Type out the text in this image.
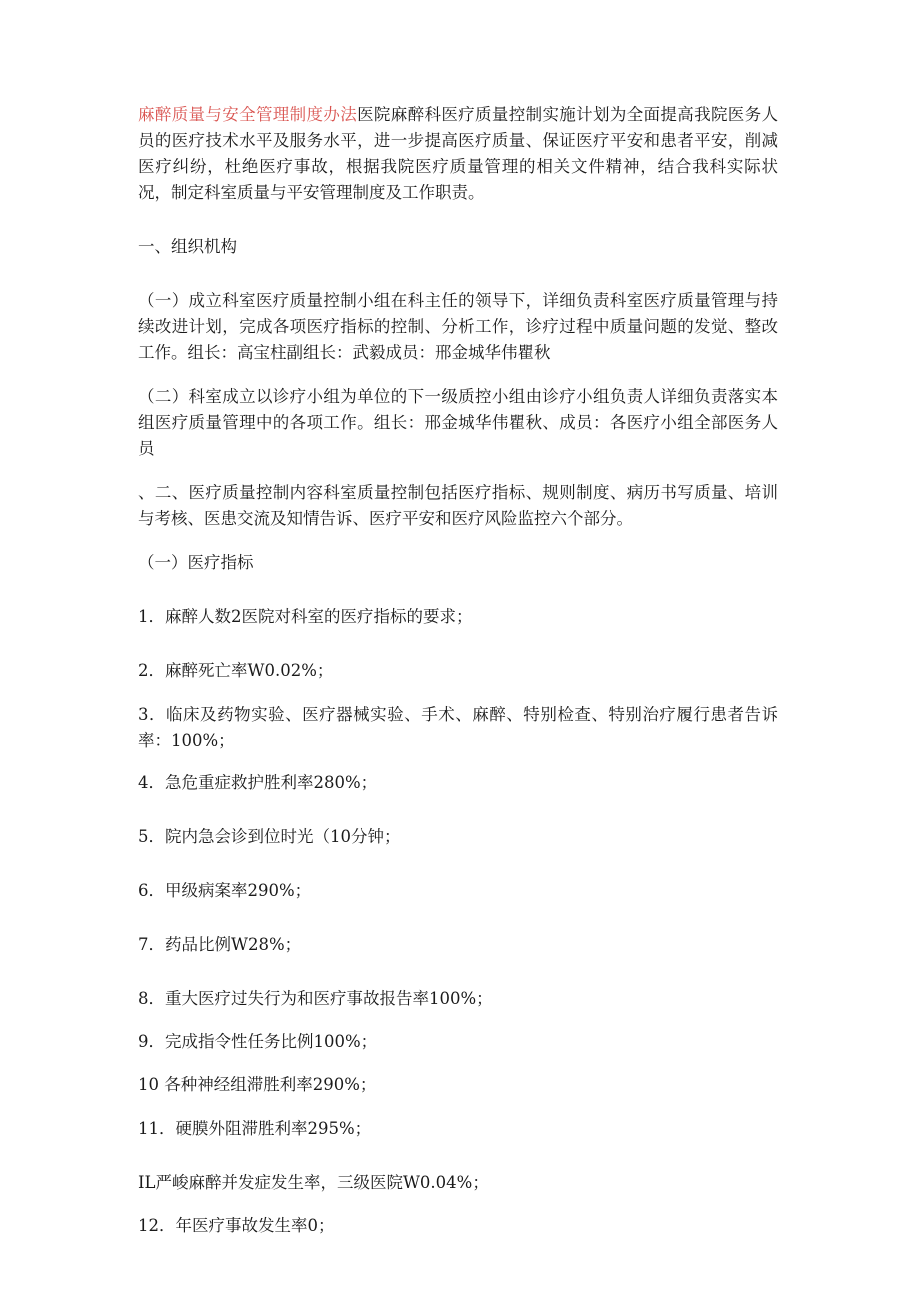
麻醉质量与安全管理制度办法医院麻醉科医疗质量控制实施计划为全面提高我院医务人员的医疗技术水平及服务水平，进一步提高医疗质量、保证医疗平安和患者平安，削减医疗纠纷，杜绝医疗事故，根据我院医疗质量管理的相关文件精神，结合我科实际状况，制定科室质量与平安管理制度及工作职责。

一、组织机构

（一）成立科室医疗质量控制小组在科主任的领导下，详细负责科室医疗质量管理与持续改进计划，完成各项医疗指标的控制、分析工作，诊疗过程中质量问题的发觉、整改工作。组长：高宝柱副组长：武毅成员：邢金城华伟瞿秋

（二）科室成立以诊疗小组为单位的下一级质控小组由诊疗小组负责人详细负责落实本组医疗质量管理中的各项工作。组长：邢金城华伟瞿秋、成员：各医疗小组全部医务人员

、二、医疗质量控制内容科室质量控制包括医疗指标、规则制度、病历书写质量、培训与考核、医患交流及知情告诉、医疗平安和医疗风险监控六个部分。

（一）医疗指标

1．麻醉人数2医院对科室的医疗指标的要求；

2．麻醉死亡率W0.02%；

3．临床及药物实验、医疗器械实验、手术、麻醉、特别检查、特别治疗履行患者告诉率：100%；

4．急危重症救护胜利率280%；

5．院内急会诊到位时光（10分钟；

6．甲级病案率290%；

7．药品比例W28%；

8．重大医疗过失行为和医疗事故报告率100%；

9．完成指令性任务比例100%；

10 各种神经组滞胜利率290%；

11．硬膜外阻滞胜利率295%；

IL严峻麻醉并发症发生率，三级医院W0.04%；

12．年医疗事故发生率0；
